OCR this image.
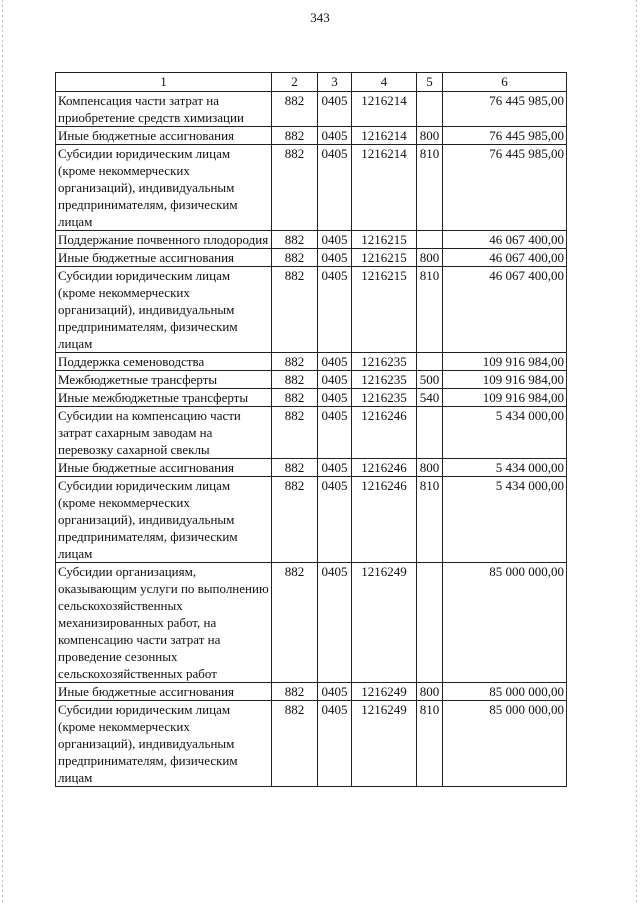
343
1	2	3	4	5	6
Компенсация части затрат на приобретение средств химизации	882	0405	1216214		76 445 985,00
Иные бюджетные ассигнования	882	0405	1216214	800	76 445 985,00
Субсидии юридическим лицам (кроме некоммерческих организаций), индивидуальным предпринимателям, физическим лицам	882	0405	1216214	810	76 445 985,00
Поддержание почвенного плодородия	882	0405	1216215		46 067 400,00
Иные бюджетные ассигнования	882	0405	1216215	800	46 067 400,00
Субсидии юридическим лицам (кроме некоммерческих организаций), индивидуальным предпринимателям, физическим лицам	882	0405	1216215	810	46 067 400,00
Поддержка семеноводства	882	0405	1216235		109 916 984,00
Межбюджетные трансферты	882	0405	1216235	500	109 916 984,00
Иные межбюджетные трансферты	882	0405	1216235	540	109 916 984,00
Субсидии на компенсацию части затрат сахарным заводам на перевозку сахарной свеклы	882	0405	1216246		5 434 000,00
Иные бюджетные ассигнования	882	0405	1216246	800	5 434 000,00
Субсидии юридическим лицам (кроме некоммерческих организаций), индивидуальным предпринимателям, физическим лицам	882	0405	1216246	810	5 434 000,00
Субсидии организациям, оказывающим услуги по выполнению сельскохозяйственных механизированных работ, на компенсацию части затрат на проведение сезонных сельскохозяйственных работ	882	0405	1216249		85 000 000,00
Иные бюджетные ассигнования	882	0405	1216249	800	85 000 000,00
Субсидии юридическим лицам (кроме некоммерческих организаций), индивидуальным предпринимателям, физическим лицам	882	0405	1216249	810	85 000 000,00
